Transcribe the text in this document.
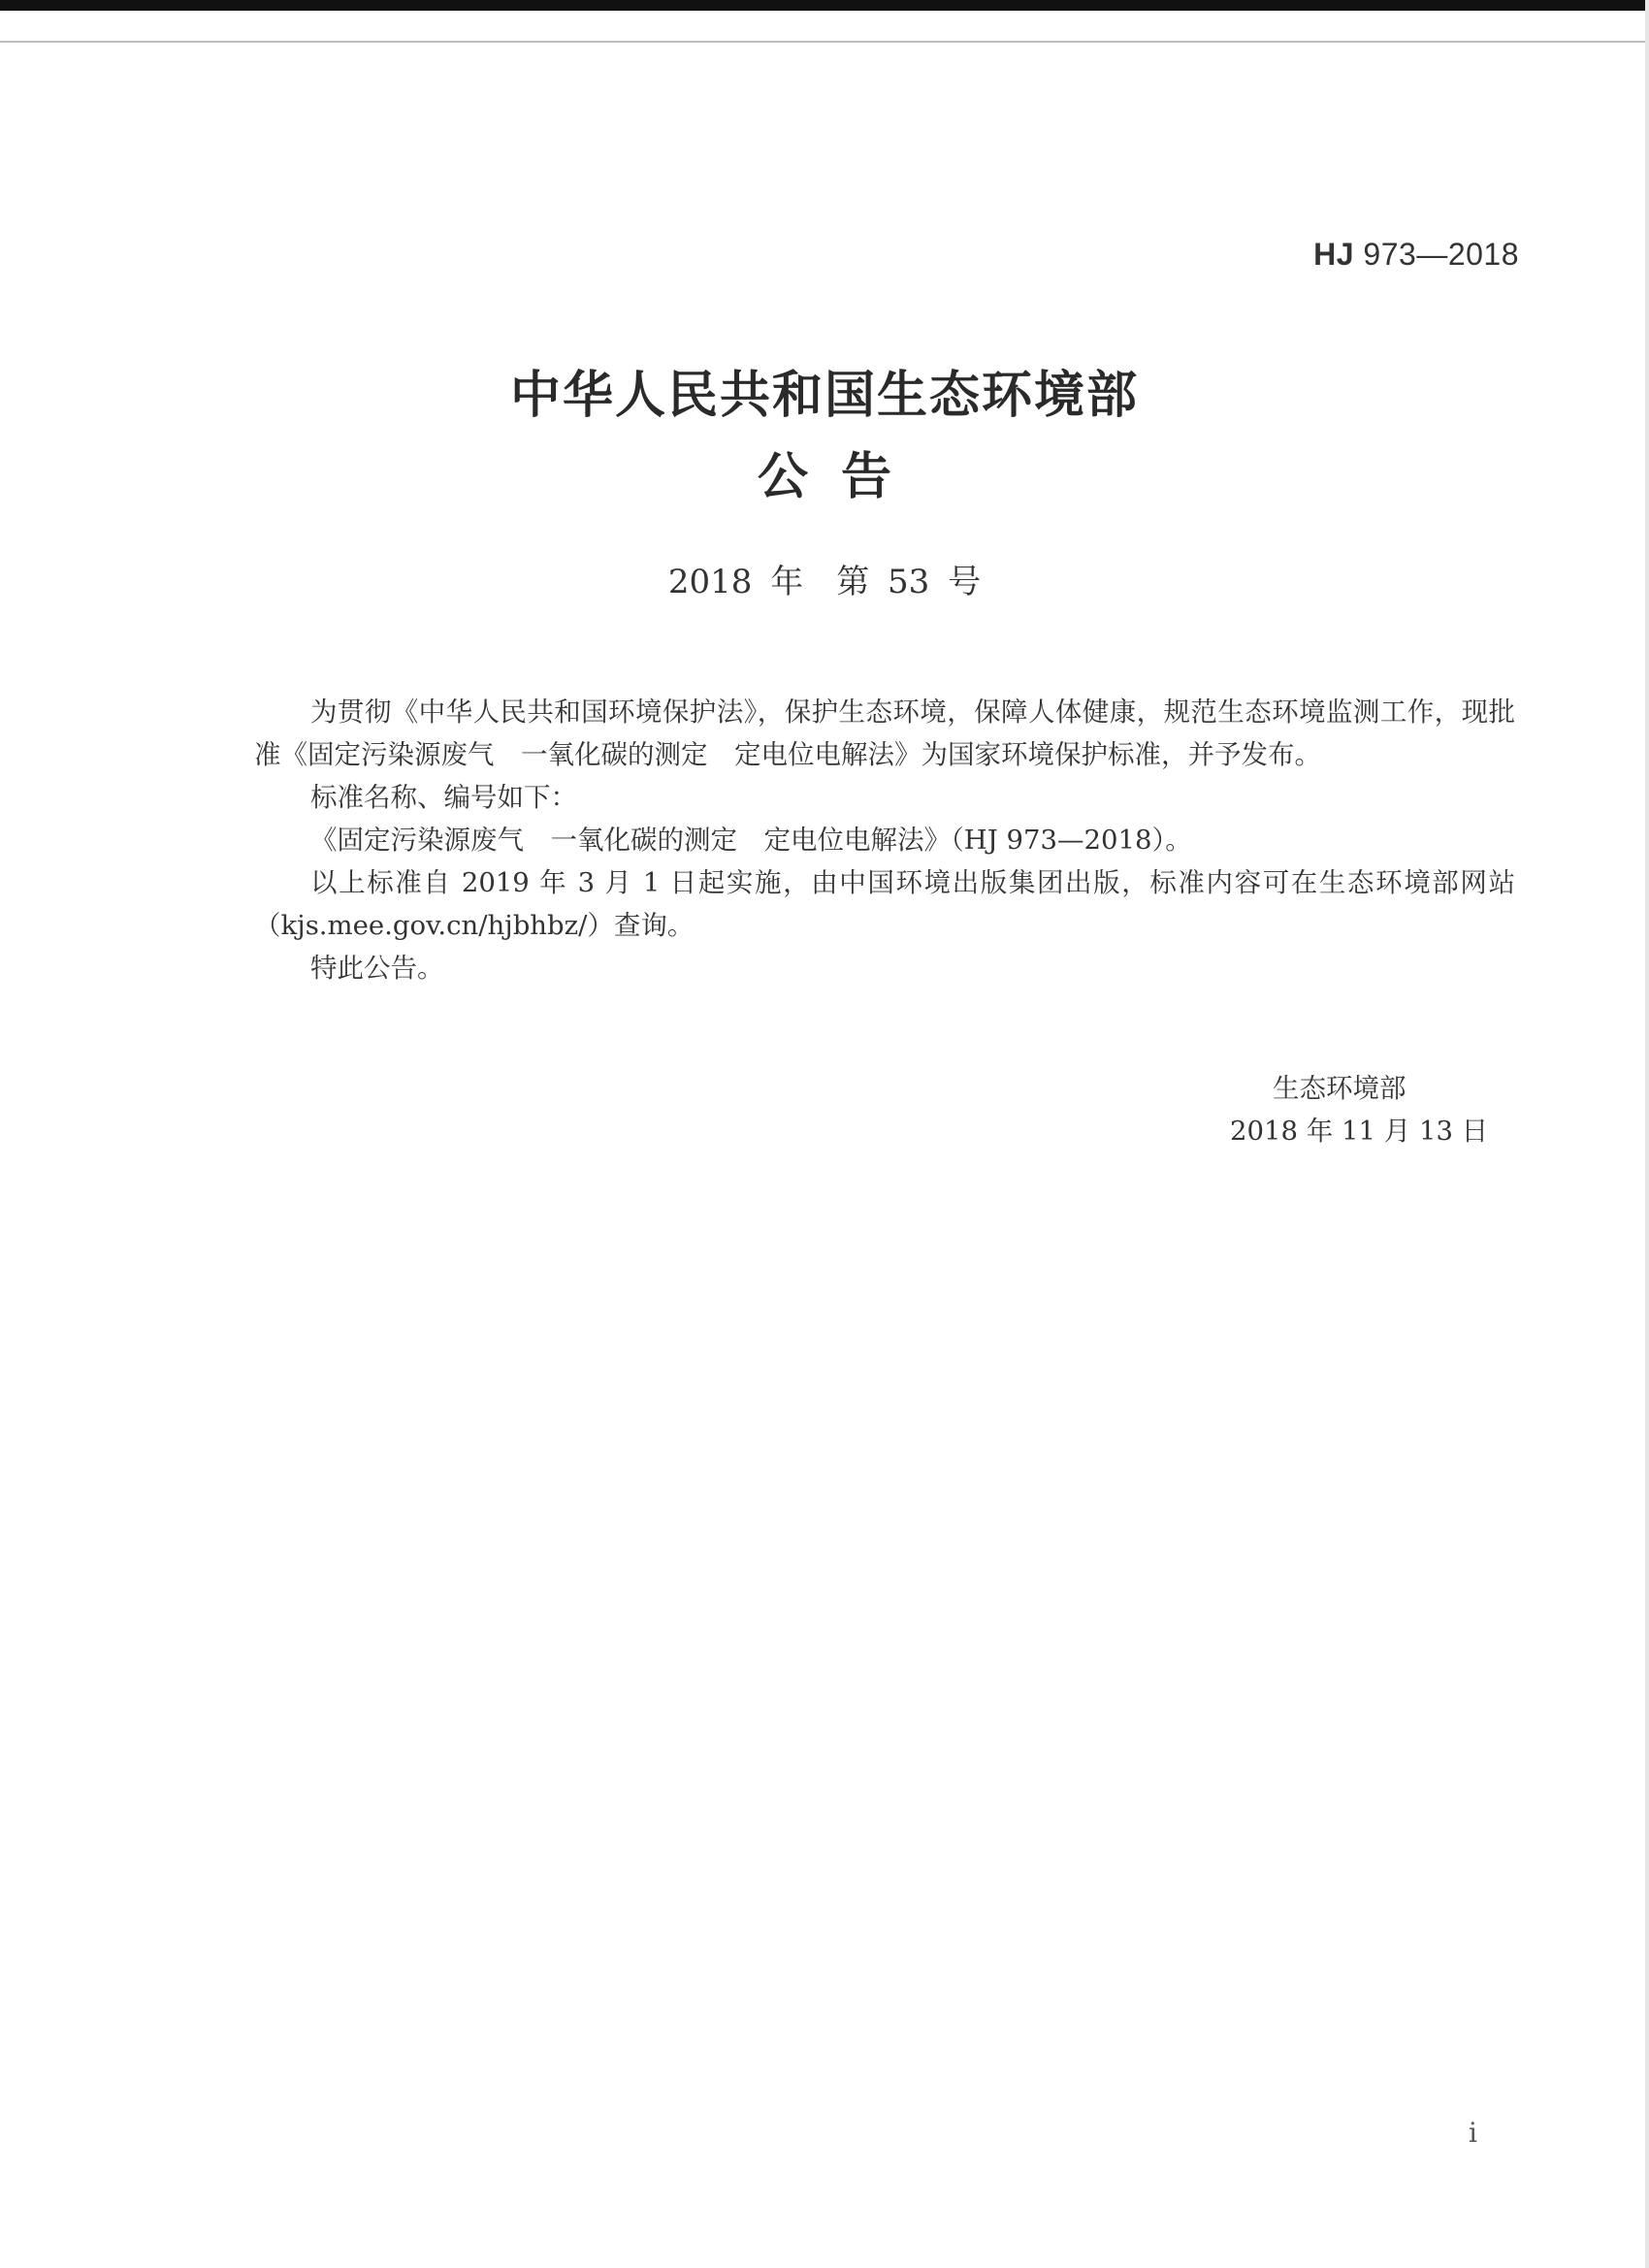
HJ 973—2018
中华人民共和国生态环境部
公告
2018 年　第 53 号

为贯彻《中华人民共和国环境保护法》，保护生态环境，保障人体健康，规范生态环境监测工作，现批准《固定污染源废气　一氧化碳的测定　定电位电解法》为国家环境保护标准，并予发布。

标准名称、编号如下：

《固定污染源废气　一氧化碳的测定　定电位电解法》（HJ 973—2018）。

以上标准自 2019 年 3 月 1 日起实施，由中国环境出版集团出版，标准内容可在生态环境部网站（kjs.mee.gov.cn/hjbhbz/）查询。

特此公告。

生态环境部
2018 年 11 月 13 日
i
